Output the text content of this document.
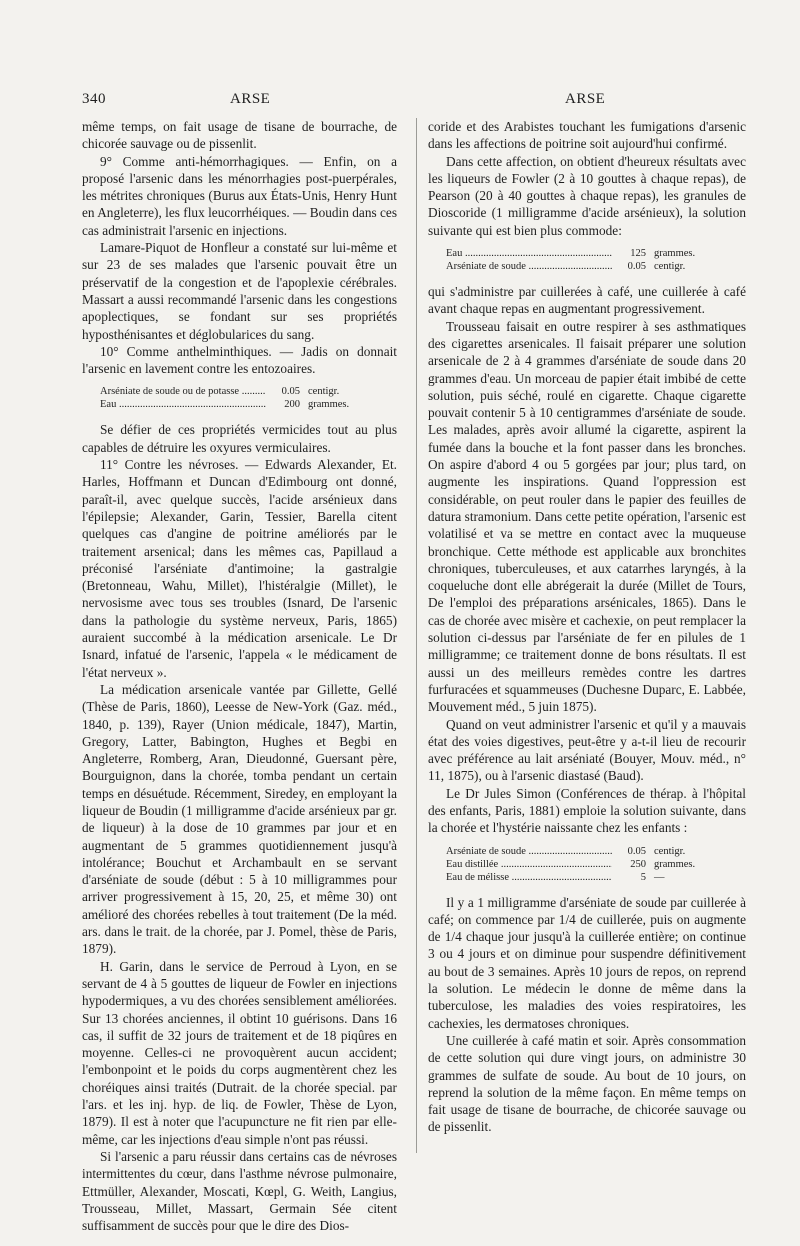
340	ARSE	ARSE

même temps, on fait usage de tisane de bourrache, de chicorée sauvage ou de pissenlit.

9° Comme anti-hémorrhagiques. — Enfin, on a proposé l'arsenic dans les ménorrhagies post-puerpérales, les métrites chroniques (Burus aux États-Unis, Henry Hunt en Angleterre), les flux leucorrhéiques. — Boudin dans ces cas administrait l'arsenic en injections.

Lamare-Piquot de Honfleur a constaté sur lui-même et sur 23 de ses malades que l'arsenic pouvait être un préservatif de la congestion et de l'apoplexie cérébrales. Massart a aussi recommandé l'arsenic dans les congestions apoplectiques, se fondant sur ses propriétés hyposthénisantes et déglobularices du sang.

10° Comme anthelminthiques. — Jadis on donnait l'arsenic en lavement contre les entozoaires.

Arséniate de soude ou de potasse .....	0.05 centigr.
Eau .....	200 grammes.

Se défier de ces propriétés vermicides tout au plus capables de détruire les oxyures vermiculaires.

11° Contre les névroses. — Edwards Alexander, Et. Harles, Hoffmann et Duncan d'Edimbourg ont donné, paraît-il, avec quelque succès, l'acide arsénieux dans l'épilepsie; Alexander, Garin, Tessier, Barella citent quelques cas d'angine de poitrine améliorés par le traitement arsenical; dans les mêmes cas, Papillaud a préconisé l'arséniate d'antimoine; la gastralgie (Bretonneau, Wahu, Millet), l'histéralgie (Millet), le nervosisme avec tous ses troubles (Isnard, De l'arsenic dans la pathologie du système nerveux, Paris, 1865) auraient succombé à la médication arsenicale. Le Dr Isnard, infatué de l'arsenic, l'appela « le médicament de l'état nerveux ».

La médication arsenicale vantée par Gillette, Gellé (Thèse de Paris, 1860), Leesse de New-York (Gaz. méd., 1840, p. 139), Rayer (Union médicale, 1847), Martin, Gregory, Latter, Babington, Hughes et Begbi en Angleterre, Romberg, Aran, Dieudonné, Guersant père, Bourguignon, dans la chorée, tomba pendant un certain temps en désuétude. Récemment, Siredey, en employant la liqueur de Boudin (1 milligramme d'acide arsénieux par gr. de liqueur) à la dose de 10 grammes par jour et en augmentant de 5 grammes quotidiennement jusqu'à intolérance; Bouchut et Archambault en se servant d'arséniate de soude (début : 5 à 10 milligrammes pour arriver progressivement à 15, 20, 25, et même 30) ont amélioré des chorées rebelles à tout traitement (De la méd. ars. dans le trait. de la chorée, par J. Pomel, thèse de Paris, 1879).

H. Garin, dans le service de Perroud à Lyon, en se servant de 4 à 5 gouttes de liqueur de Fowler en injections hypodermiques, a vu des chorées sensiblement améliorées. Sur 13 chorées anciennes, il obtint 10 guérisons. Dans 16 cas, il suffit de 32 jours de traitement et de 18 piqûres en moyenne. Celles-ci ne provoquèrent aucun accident; l'embonpoint et le poids du corps augmentèrent chez les choréiques ainsi traités (Dutrait. de la chorée special. par l'ars. et les inj. hyp. de liq. de Fowler, Thèse de Lyon, 1879). Il est à noter que l'acupuncture ne fit rien par elle-même, car les injections d'eau simple n'ont pas réussi.

Si l'arsenic a paru réussir dans certains cas de névroses intermittentes du cœur, dans l'asthme névrose pulmonaire, Ettmüller, Alexander, Moscati, Kœpl, G. Weith, Langius, Trousseau, Millet, Massart, Germain Sée citent suffisamment de succès pour que le dire des Dios-

coride et des Arabistes touchant les fumigations d'arsenic dans les affections de poitrine soit aujourd'hui confirmé.

Dans cette affection, on obtient d'heureux résultats avec les liqueurs de Fowler (2 à 10 gouttes à chaque repas), de Pearson (20 à 40 gouttes à chaque repas), les granules de Dioscoride (1 milligramme d'acide arsénieux), la solution suivante qui est bien plus commode:

Eau .....	125 grammes.
Arséniate de soude .....	0.05 centigr.

qui s'administre par cuillerées à café, une cuillerée à café avant chaque repas en augmentant progressivement.

Trousseau faisait en outre respirer à ses asthmatiques des cigarettes arsenicales. Il faisait préparer une solution arsenicale de 2 à 4 grammes d'arséniate de soude dans 20 grammes d'eau. Un morceau de papier était imbibé de cette solution, puis séché, roulé en cigarette. Chaque cigarette pouvait contenir 5 à 10 centigrammes d'arséniate de soude. Les malades, après avoir allumé la cigarette, aspirent la fumée dans la bouche et la font passer dans les bronches. On aspire d'abord 4 ou 5 gorgées par jour; plus tard, on augmente les inspirations. Quand l'oppression est considérable, on peut rouler dans le papier des feuilles de datura stramonium. Dans cette petite opération, l'arsenic est volatilisé et va se mettre en contact avec la muqueuse bronchique. Cette méthode est applicable aux bronchites chroniques, tuberculeuses, et aux catarrhes laryngés, à la coqueluche dont elle abrégerait la durée (Millet de Tours, De l'emploi des préparations arsénicales, 1865). Dans le cas de chorée avec misère et cachexie, on peut remplacer la solution ci-dessus par l'arséniate de fer en pilules de 1 milligramme; ce traitement donne de bons résultats. Il est aussi un des meilleurs remèdes contre les dartres furfuracées et squammeuses (Duchesne Duparc, E. Labbée, Mouvement méd., 5 juin 1875).

Quand on veut administrer l'arsenic et qu'il y a mauvais état des voies digestives, peut-être y a-t-il lieu de recourir avec préférence au lait arséniaté (Bouyer, Mouv. méd., n° 11, 1875), ou à l'arsenic diastasé (Baud).

Le Dr Jules Simon (Conférences de thérap. à l'hôpital des enfants, Paris, 1881) emploie la solution suivante, dans la chorée et l'hystérie naissante chez les enfants :

Arséniate de soude .....	0.05 centigr.
Eau distillée .....	250 grammes.
Eau de mélisse .....	5 —

Il y a 1 milligramme d'arséniate de soude par cuillerée à café; on commence par 1/4 de cuillerée, puis on augmente de 1/4 chaque jour jusqu'à la cuillerée entière; on continue 3 ou 4 jours et on diminue pour suspendre définitivement au bout de 3 semaines. Après 10 jours de repos, on reprend la solution. Le médecin le donne de même dans la tuberculose, les maladies des voies respiratoires, les cachexies, les dermatoses chroniques.

Une cuillerée à café matin et soir. Après consommation de cette solution qui dure vingt jours, on administre 30 grammes de sulfate de soude. Au bout de 10 jours, on reprend la solution de la même façon. En même temps on fait usage de tisane de bourrache, de chicorée sauvage ou de pissenlit.
